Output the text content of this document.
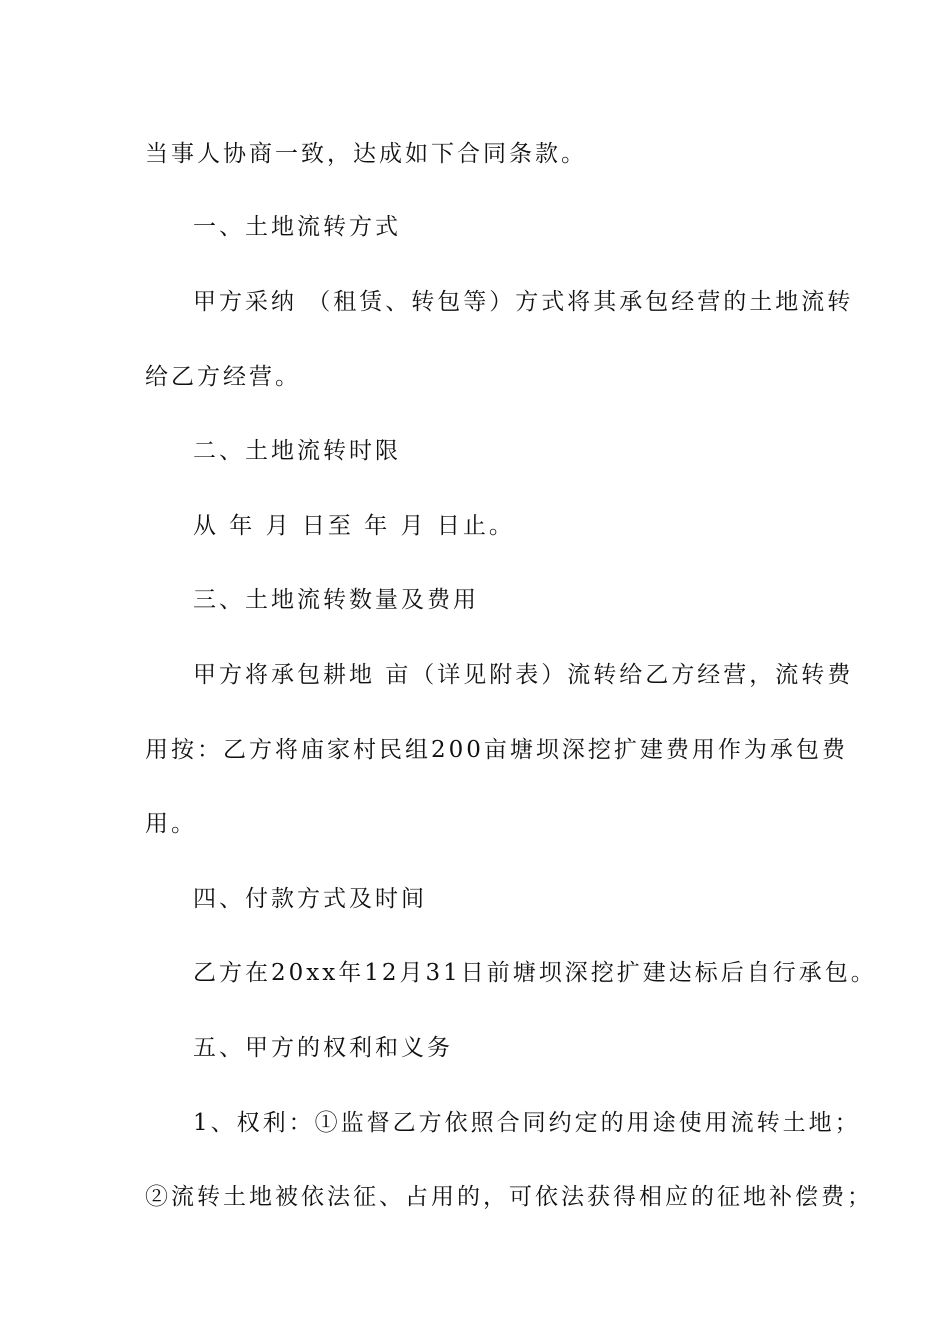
当事人协商一致，达成如下合同条款。
一、土地流转方式
甲方采纳 （租赁、转包等）方式将其承包经营的土地流转
给乙方经营。
二、土地流转时限
从 年 月 日至 年 月 日止。
三、土地流转数量及费用
甲方将承包耕地 亩（详见附表）流转给乙方经营，流转费
用按：乙方将庙家村民组200亩塘坝深挖扩建费用作为承包费
用。
四、付款方式及时间
乙方在20xx年12月31日前塘坝深挖扩建达标后自行承包。
五、甲方的权利和义务
1、权利：①监督乙方依照合同约定的用途使用流转土地；
②流转土地被依法征、占用的，可依法获得相应的征地补偿费；
